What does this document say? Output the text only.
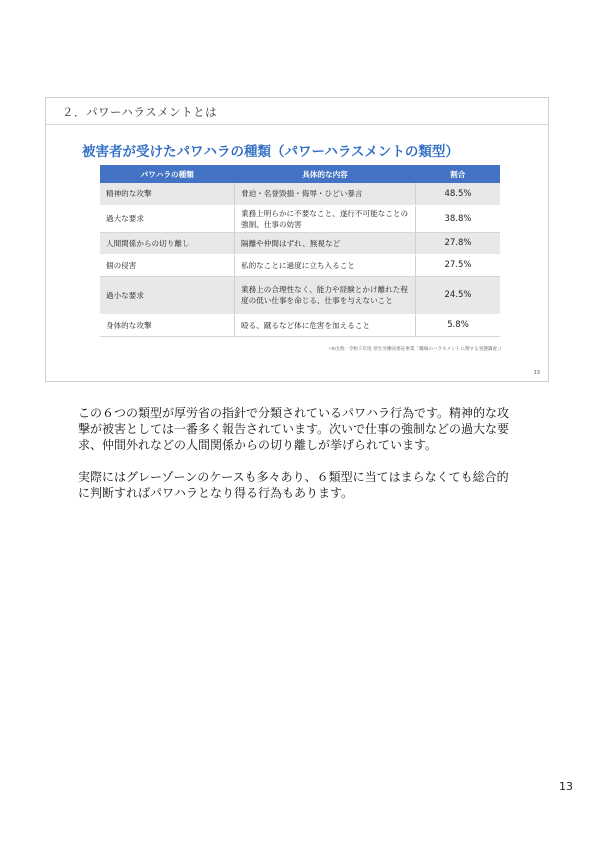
２．パワーハラスメントとは
被害者が受けたパワハラの種類（パワーハラスメントの類型）
パワハラの種類	具体的な内容	割合
精神的な攻撃	脅迫・名誉毀損・侮辱・ひどい暴言	48.5%
過大な要求	業務上明らかに不要なこと、遂行不可能なことの強制、仕事の妨害	38.8%
人間関係からの切り離し	隔離や仲間はずれ、無視など	27.8%
個の侵害	私的なことに過度に立ち入ること	27.5%
過小な要求	業務上の合理性なく、能力や経験とかけ離れた程度の低い仕事を命じる、仕事を与えないこと	24.5%
身体的な攻撃	殴る、蹴るなど体に危害を加えること	5.8%
（※出典：令和５年度 厚生労働省委託事業「職場のハラスメントに関する実態調査」）
13

この６つの類型が厚労省の指針で分類されているパワハラ行為です。精神的な攻撃が被害としては一番多く報告されています。次いで仕事の強制などの過大な要求、仲間外れなどの人間関係からの切り離しが挙げられています。

実際にはグレーゾーンのケースも多々あり、６類型に当てはまらなくても総合的に判断すればパワハラとなり得る行為もあります。

13
